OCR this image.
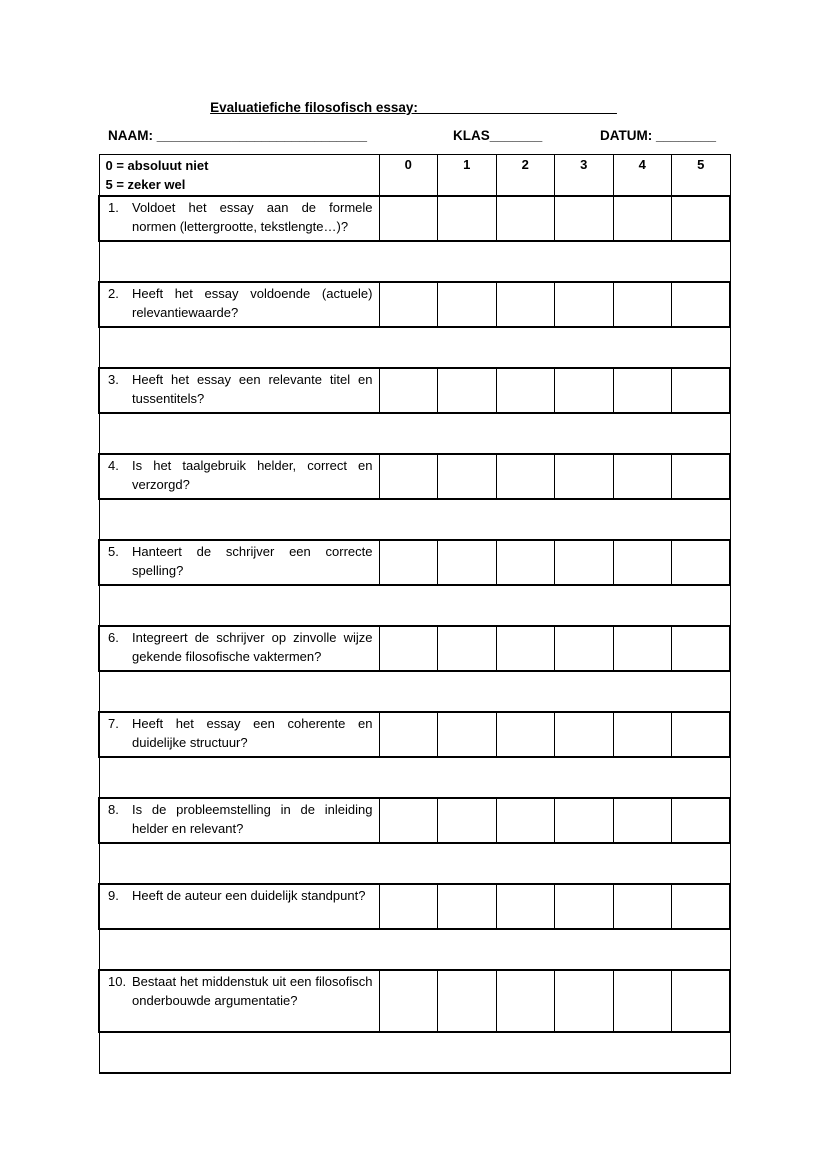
Evaluatiefiche filosofisch essay: __________________________
NAAM: ____________________________	KLAS_______	DATUM: ________
0 = absoluut niet
5 = zeker wel	0	1	2	3	4	5

1. Voldoet het essay aan de formele normen (lettergrootte, tekstlengte…)?						

2. Heeft het essay voldoende (actuele) relevantiewaarde?						

3. Heeft het essay een relevante titel en tussentitels?						

4. Is het taalgebruik helder, correct en verzorgd?						

5. Hanteert de schrijver een correcte spelling?						

6. Integreert de schrijver op zinvolle wijze gekende filosofische vaktermen?						

7. Heeft het essay een coherente en duidelijke structuur?						

8. Is de probleemstelling in de inleiding helder en relevant?						

9. Heeft de auteur een duidelijk standpunt?						

10. Bestaat het middenstuk uit een filosofisch onderbouwde argumentatie?						
